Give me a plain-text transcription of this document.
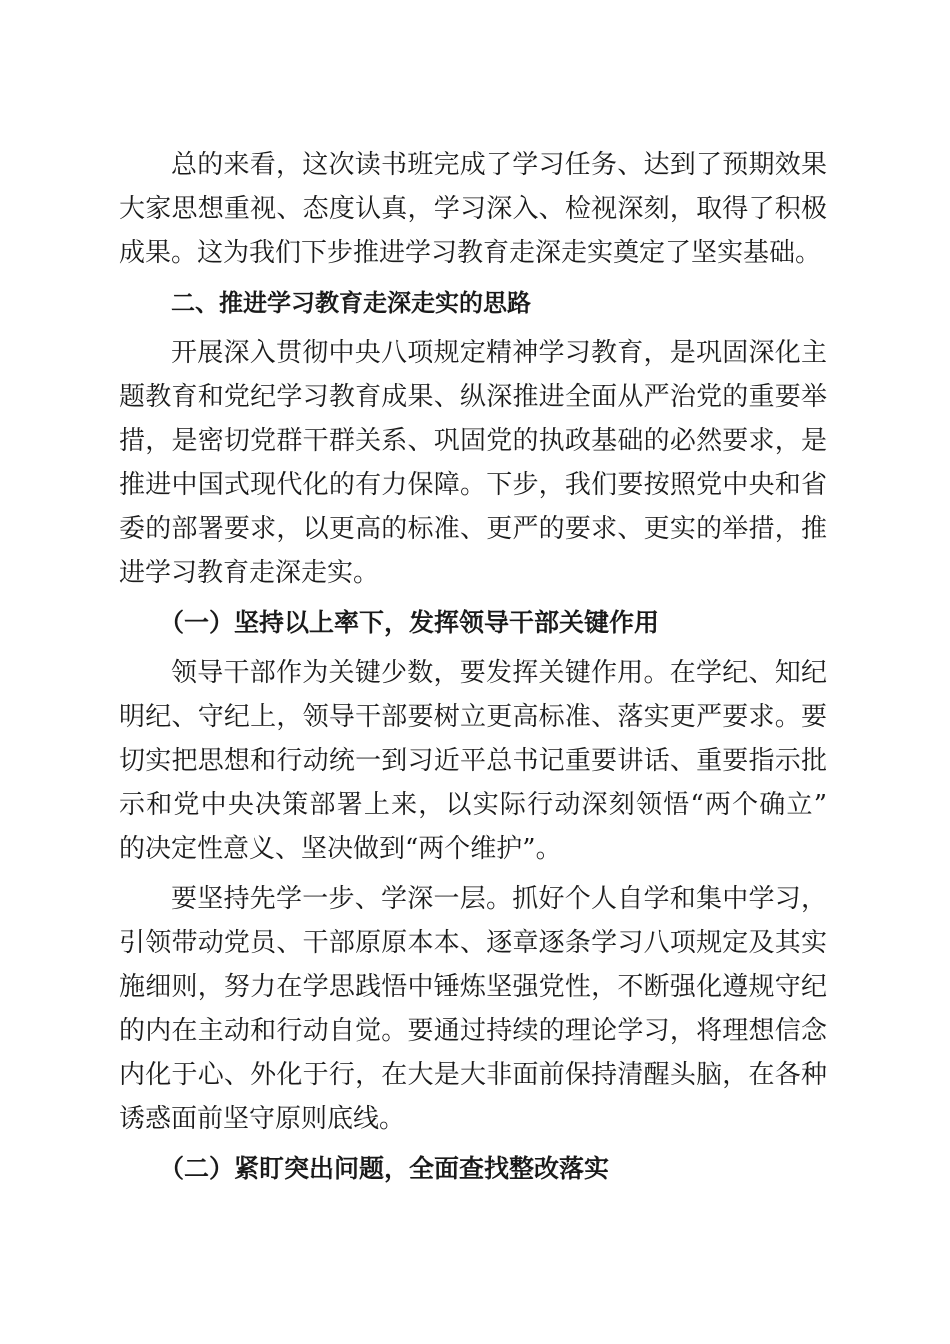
总的来看，这次读书班完成了学习任务、达到了预期效果
大家思想重视、态度认真，学习深入、检视深刻，取得了积极
成果。这为我们下步推进学习教育走深走实奠定了坚实基础。
二、推进学习教育走深走实的思路
开展深入贯彻中央八项规定精神学习教育，是巩固深化主
题教育和党纪学习教育成果、纵深推进全面从严治党的重要举
措，是密切党群干群关系、巩固党的执政基础的必然要求，是
推进中国式现代化的有力保障。下步，我们要按照党中央和省
委的部署要求，以更高的标准、更严的要求、更实的举措，推
进学习教育走深走实。
（一）坚持以上率下，发挥领导干部关键作用
领导干部作为关键少数，要发挥关键作用。在学纪、知纪
明纪、守纪上，领导干部要树立更高标准、落实更严要求。要
切实把思想和行动统一到习近平总书记重要讲话、重要指示批
示和党中央决策部署上来，以实际行动深刻领悟“两个确立”
的决定性意义、坚决做到“两个维护”。
要坚持先学一步、学深一层。抓好个人自学和集中学习，
引领带动党员、干部原原本本、逐章逐条学习八项规定及其实
施细则，努力在学思践悟中锤炼坚强党性，不断强化遵规守纪
的内在主动和行动自觉。要通过持续的理论学习，将理想信念
内化于心、外化于行，在大是大非面前保持清醒头脑，在各种
诱惑面前坚守原则底线。
（二）紧盯突出问题，全面查找整改落实
